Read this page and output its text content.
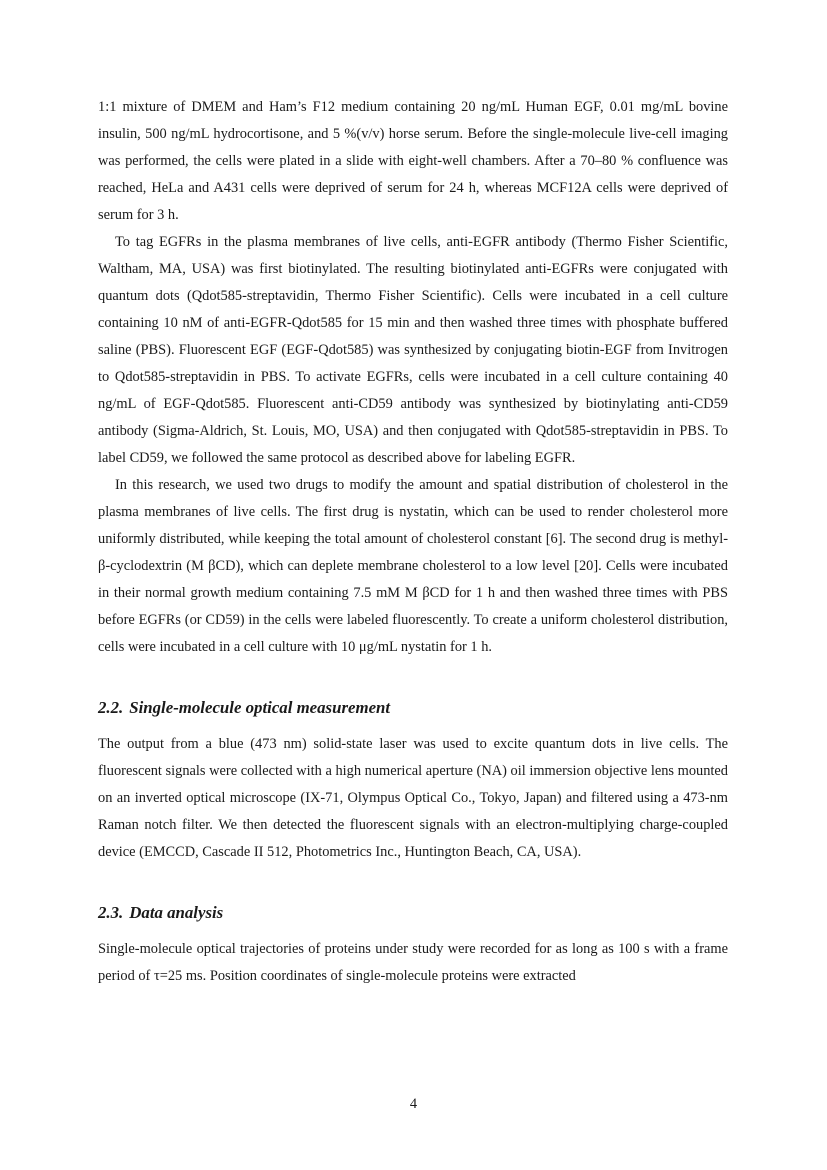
1:1 mixture of DMEM and Ham’s F12 medium containing 20 ng/mL Human EGF, 0.01 mg/mL bovine insulin, 500 ng/mL hydrocortisone, and 5 %(v/v) horse serum. Before the single-molecule live-cell imaging was performed, the cells were plated in a slide with eight-well chambers. After a 70–80 % confluence was reached, HeLa and A431 cells were deprived of serum for 24 h, whereas MCF12A cells were deprived of serum for 3 h.

To tag EGFRs in the plasma membranes of live cells, anti-EGFR antibody (Thermo Fisher Scientific, Waltham, MA, USA) was first biotinylated. The resulting biotinylated anti-EGFRs were conjugated with quantum dots (Qdot585-streptavidin, Thermo Fisher Scientific). Cells were incubated in a cell culture containing 10 nM of anti-EGFR-Qdot585 for 15 min and then washed three times with phosphate buffered saline (PBS). Fluorescent EGF (EGF-Qdot585) was synthesized by conjugating biotin-EGF from Invitrogen to Qdot585-streptavidin in PBS. To activate EGFRs, cells were incubated in a cell culture containing 40 ng/mL of EGF-Qdot585. Fluorescent anti-CD59 antibody was synthesized by biotinylating anti-CD59 antibody (Sigma-Aldrich, St. Louis, MO, USA) and then conjugated with Qdot585-streptavidin in PBS. To label CD59, we followed the same protocol as described above for labeling EGFR.

In this research, we used two drugs to modify the amount and spatial distribution of cholesterol in the plasma membranes of live cells. The first drug is nystatin, which can be used to render cholesterol more uniformly distributed, while keeping the total amount of cholesterol constant [6]. The second drug is methyl- β-cyclodextrin (M βCD), which can deplete membrane cholesterol to a low level [20]. Cells were incubated in their normal growth medium containing 7.5 mM M βCD for 1 h and then washed three times with PBS before EGFRs (or CD59) in the cells were labeled fluorescently. To create a uniform cholesterol distribution, cells were incubated in a cell culture with 10 μg/mL nystatin for 1 h.

2.2. Single-molecule optical measurement

The output from a blue (473 nm) solid-state laser was used to excite quantum dots in live cells. The fluorescent signals were collected with a high numerical aperture (NA) oil immersion objective lens mounted on an inverted optical microscope (IX-71, Olympus Optical Co., Tokyo, Japan) and filtered using a 473-nm Raman notch filter. We then detected the fluorescent signals with an electron-multiplying charge-coupled device (EMCCD, Cascade II 512, Photometrics Inc., Huntington Beach, CA, USA).

2.3. Data analysis

Single-molecule optical trajectories of proteins under study were recorded for as long as 100 s with a frame period of τ=25 ms. Position coordinates of single-molecule proteins were extracted

4
